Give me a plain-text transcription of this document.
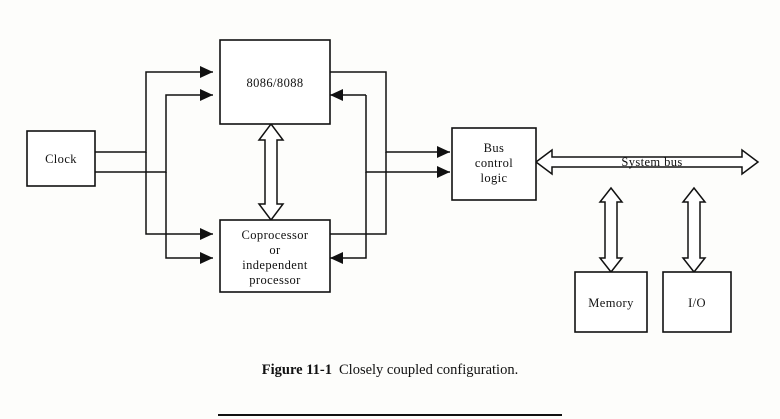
Clock
8086/8088
Coprocessor
or
independent
processor
Bus
control
logic
Memory	I/O
System bus
Figure 11-1 Closely coupled configuration.
